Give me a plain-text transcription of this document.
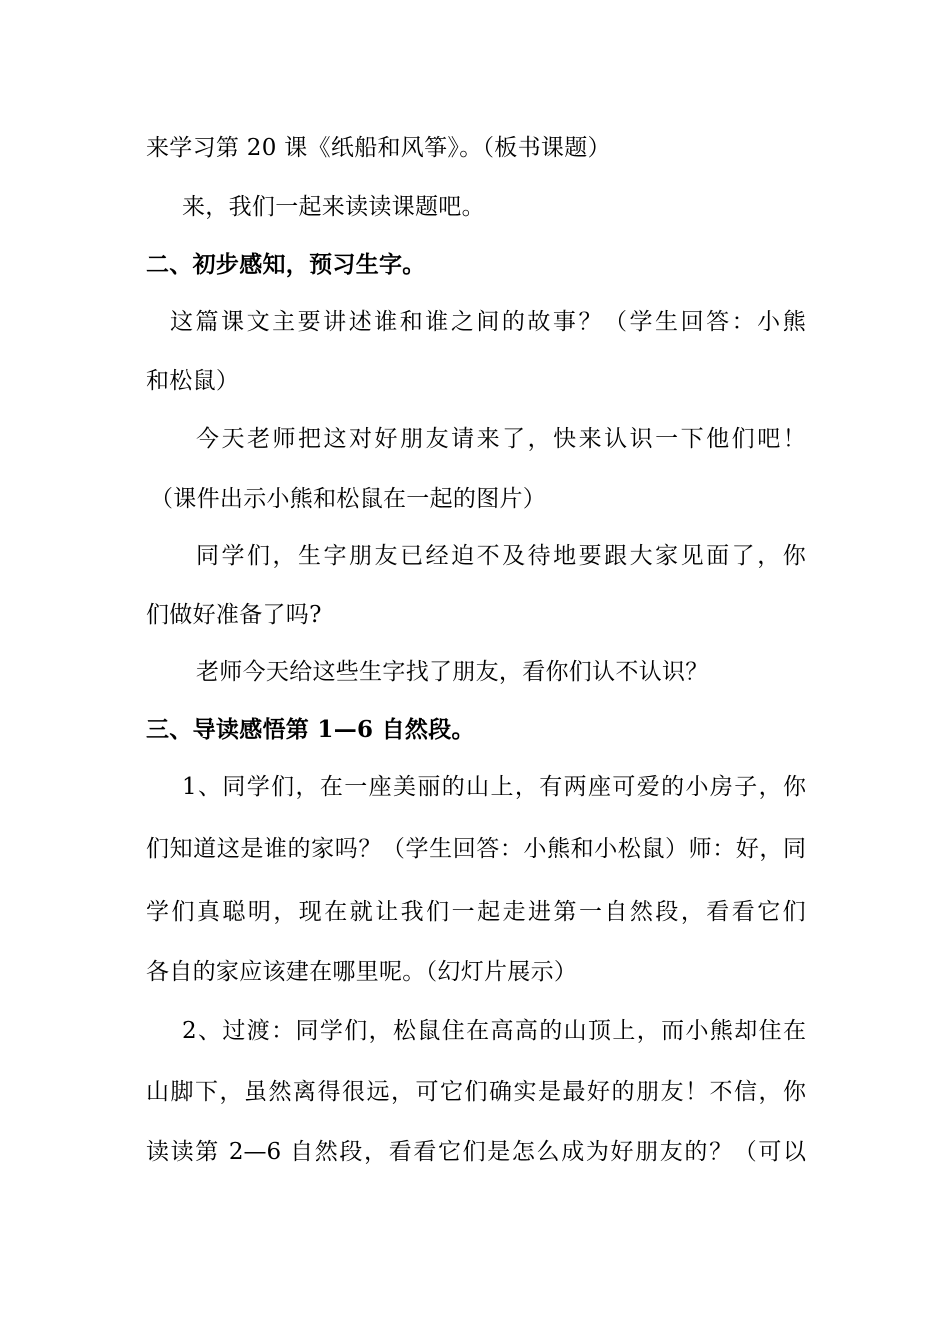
来学习第 20 课《纸船和风筝》。（板书课题）
来，我们一起来读读课题吧。
二、初步感知，预习生字。
这篇课文主要讲述谁和谁之间的故事？（学生回答：小熊
和松鼠）
今天老师把这对好朋友请来了，快来认识一下他们吧！
（课件出示小熊和松鼠在一起的图片）
同学们，生字朋友已经迫不及待地要跟大家见面了，你
们做好准备了吗?
老师今天给这些生字找了朋友，看你们认不认识？
三、导读感悟第 1—6 自然段。
1、同学们，在一座美丽的山上，有两座可爱的小房子，你
们知道这是谁的家吗？（学生回答：小熊和小松鼠）师：好，同
学们真聪明，现在就让我们一起走进第一自然段，看看它们
各自的家应该建在哪里呢。（幻灯片展示）
2、过渡：同学们，松鼠住在高高的山顶上，而小熊却住在
山脚下，虽然离得很远，可它们确实是最好的朋友！不信，你
读读第 2—6 自然段，看看它们是怎么成为好朋友的？（可以
